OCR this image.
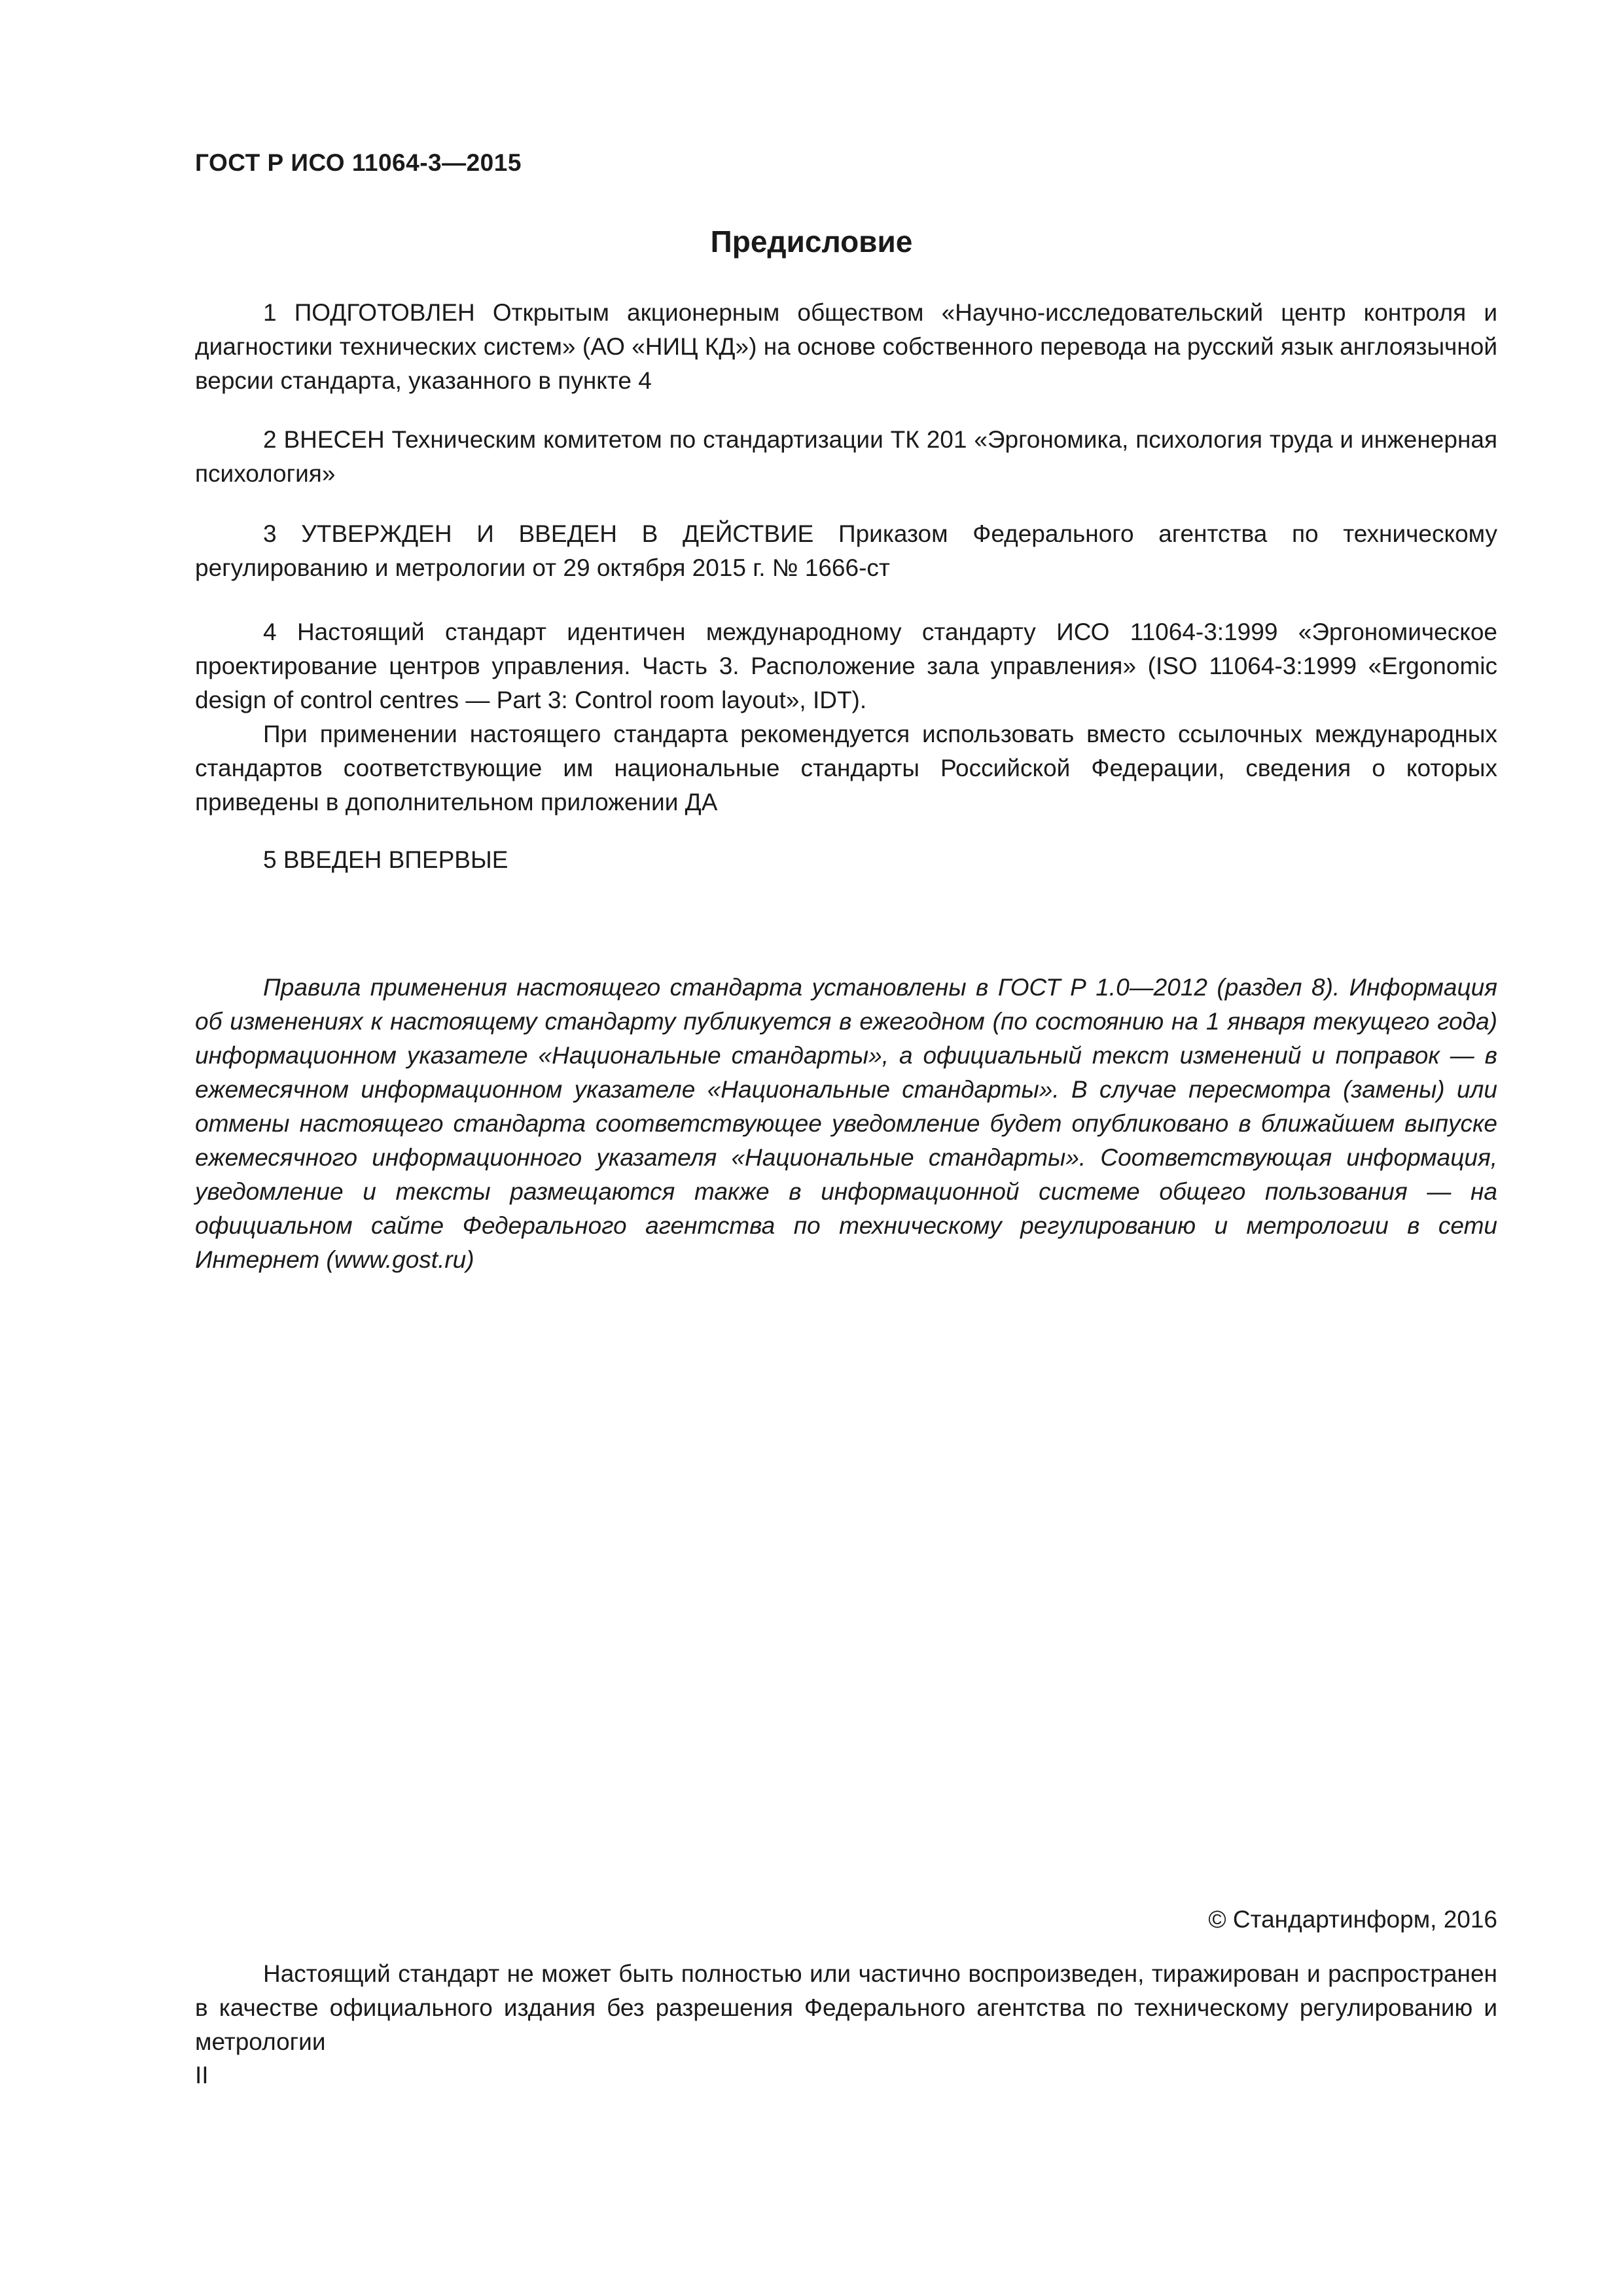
ГОСТ Р ИСО 11064-3—2015
Предисловие

1 ПОДГОТОВЛЕН Открытым акционерным обществом «Научно-исследовательский центр контроля и диагностики технических систем» (АО «НИЦ КД») на основе собственного перевода на русский язык англоязычной версии стандарта, указанного в пункте 4

2 ВНЕСЕН Техническим комитетом по стандартизации ТК 201 «Эргономика, психология труда и инженерная психология»

3 УТВЕРЖДЕН И ВВЕДЕН В ДЕЙСТВИЕ Приказом Федерального агентства по техническому регулированию и метрологии от 29 октября 2015 г. № 1666-ст

4 Настоящий стандарт идентичен международному стандарту ИСО 11064-3:1999 «Эргономическое проектирование центров управления. Часть 3. Расположение зала управления» (ISO 11064-3:1999 «Ergonomic design of control centres — Part 3: Control room layout», IDT).

При применении настоящего стандарта рекомендуется использовать вместо ссылочных международных стандартов соответствующие им национальные стандарты Российской Федерации, сведения о которых приведены в дополнительном приложении ДА

5 ВВЕДЕН ВПЕРВЫЕ

Правила применения настоящего стандарта установлены в ГОСТ Р 1.0—2012 (раздел 8). Информация об изменениях к настоящему стандарту публикуется в ежегодном (по состоянию на 1 января текущего года) информационном указателе «Национальные стандарты», а официальный текст изменений и поправок — в ежемесячном информационном указателе «Национальные стандарты». В случае пересмотра (замены) или отмены настоящего стандарта соответствующее уведомление будет опубликовано в ближайшем выпуске ежемесячного информационного указателя «Национальные стандарты». Соответствующая информация, уведомление и тексты размещаются также в информационной системе общего пользования — на официальном сайте Федерального агентства по техническому регулированию и метрологии в сети Интернет (www.gost.ru)

© Стандартинформ, 2016

Настоящий стандарт не может быть полностью или частично воспроизведен, тиражирован и распространен в качестве официального издания без разрешения Федерального агентства по техническому регулированию и метрологии

II
